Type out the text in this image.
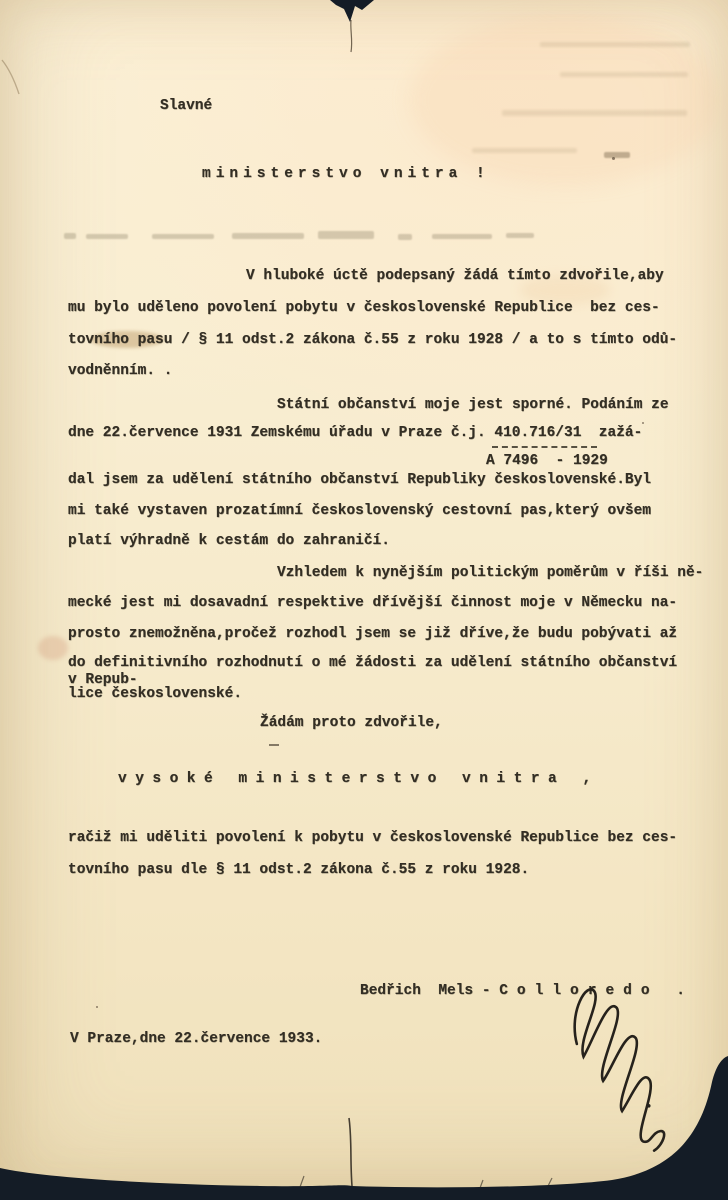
Slavné
ministerstvo vnitra !
V hluboké úctě podepsaný žádá tímto zdvořile,aby
mu bylo uděleno povolení pobytu v československé Republice  bez ces-
tovního pasu / § 11 odst.2 zákona č.55 z roku 1928 / a to s tímto odů-
vodněnním. .
Státní občanství moje jest sporné. Podáním ze
dne 22.července 1931 Zemskému úřadu v Praze č.j. 410.716/31  zažá-
A 7496  - 1929
dal jsem za udělení státního občanství Republiky československé.Byl
mi také vystaven prozatímní československý cestovní pas,který ovšem
platí výhradně k cestám do zahraničí.
Vzhledem k nynějším politickým poměrům v říši ně-
mecké jest mi dosavadní respektive dřívější činnost moje v Německu na-
prosto znemožněna,pročež rozhodl jsem se již dříve,že budu pobývati až
do definitivního rozhodnutí o mé žádosti za udělení státního občanství
v Repub-
lice československé.
Žádám proto zdvořile,
vysoké ministerstvo vnitra ,
račiž mi uděliti povolení k pobytu v československé Republice bez ces-
tovního pasu dle § 11 odst.2 zákona č.55 z roku 1928.
Bedřich  Mels - Colloredo .
V Praze,dne 22.července 1933.
